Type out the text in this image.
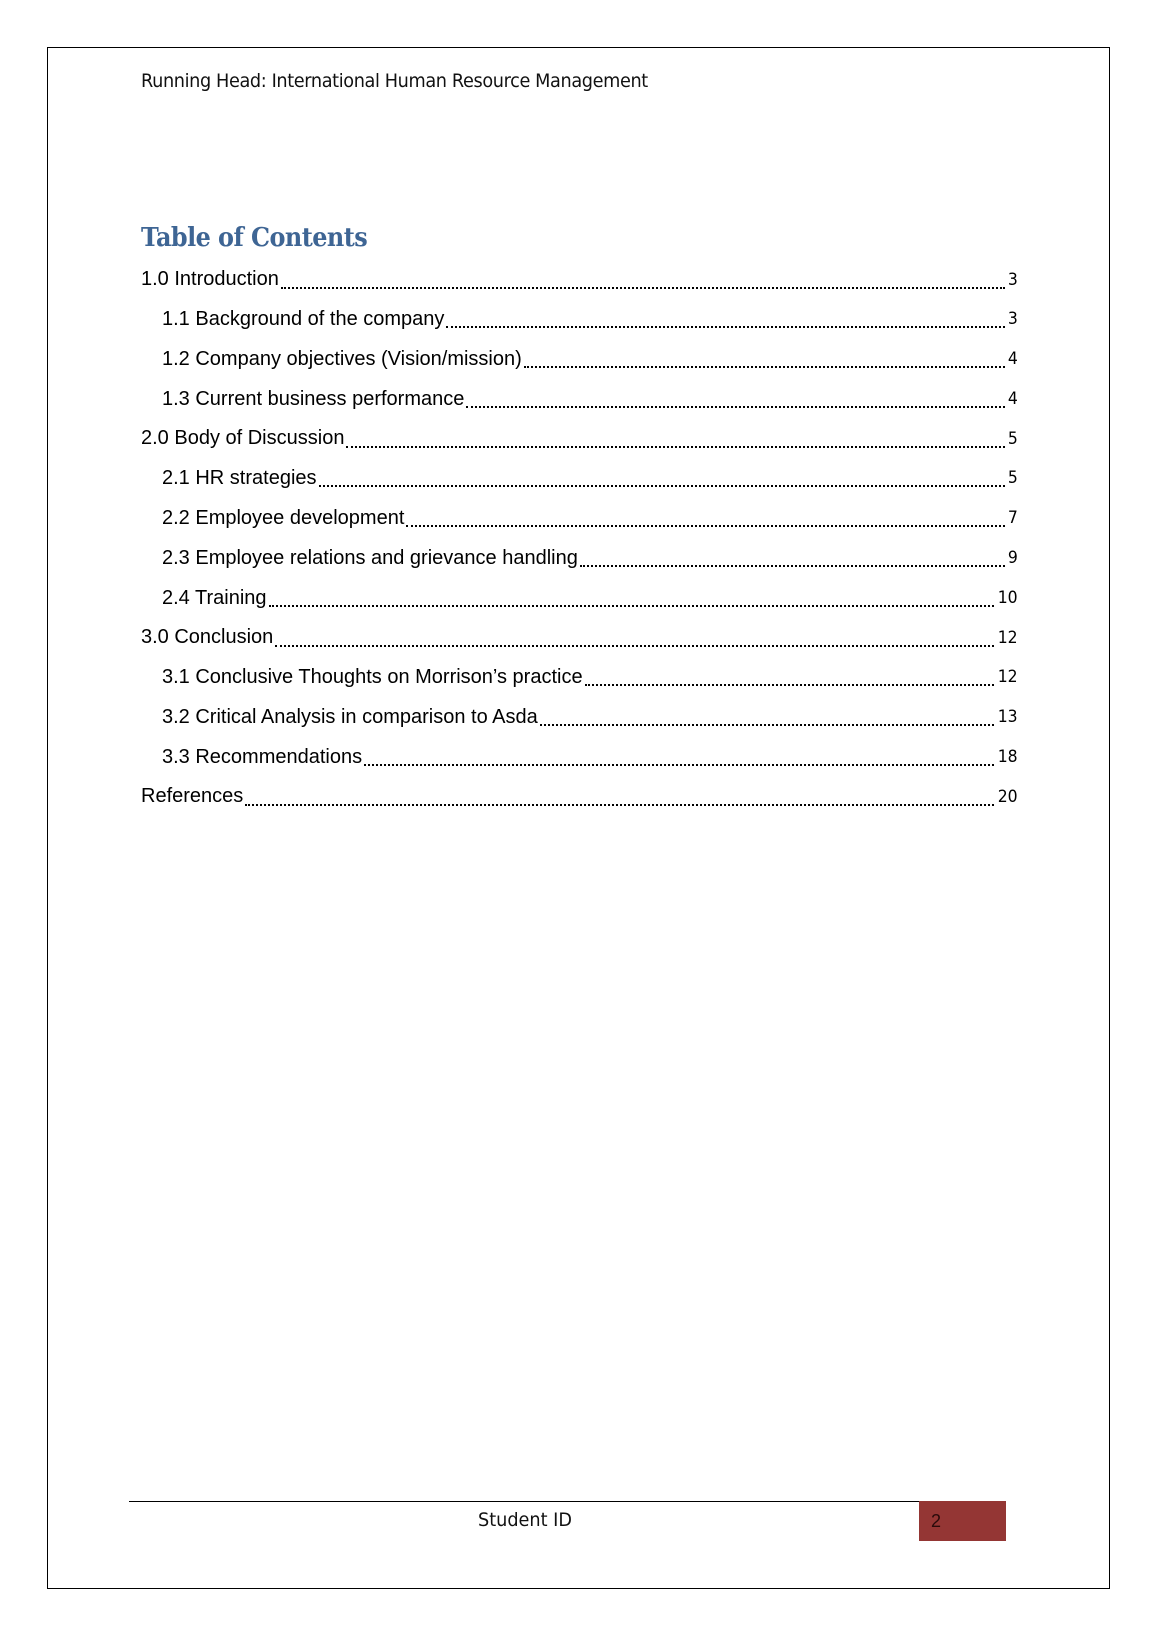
Running Head: International Human Resource Management
Table of Contents
1.0 Introduction	3
1.1 Background of the company	3
1.2 Company objectives (Vision/mission)	4
1.3 Current business performance	4
2.0 Body of Discussion	5
2.1 HR strategies	5
2.2 Employee development	7
2.3 Employee relations and grievance handling	9
2.4 Training	10
3.0 Conclusion	12
3.1 Conclusive Thoughts on Morrison’s practice	12
3.2 Critical Analysis in comparison to Asda	13
3.3 Recommendations	18
References	20
Student ID	2
